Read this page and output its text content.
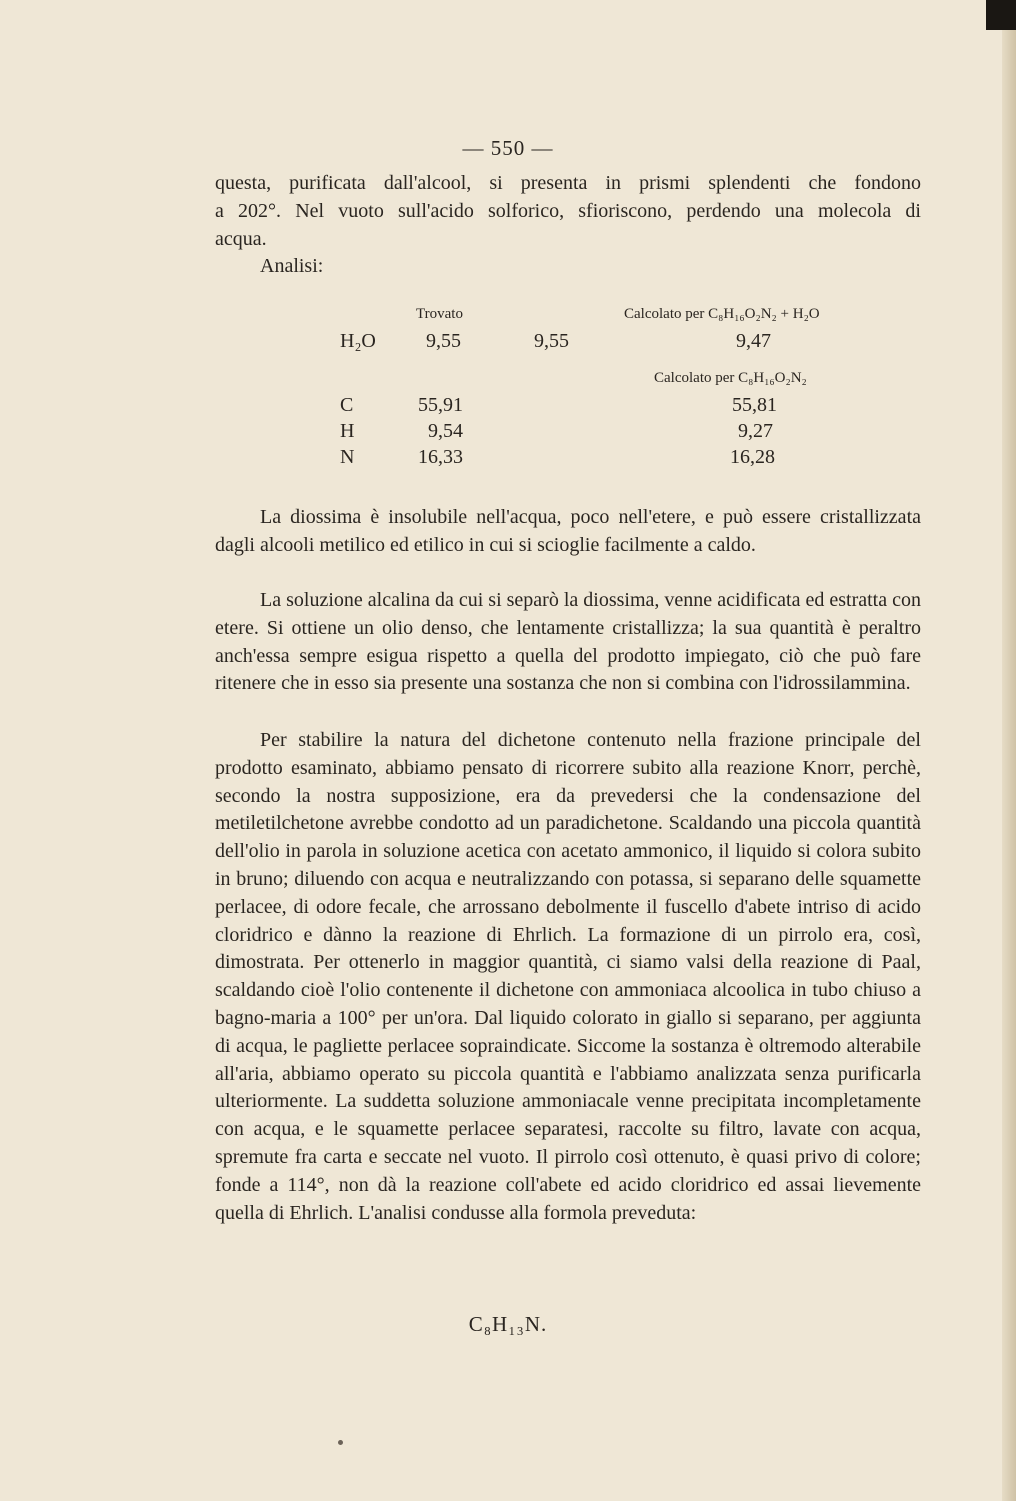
— 550 —
questa, purificata dall'alcool, si presenta in prismi splendenti che fondono
a 202°. Nel vuoto sull'acido solforico, sfioriscono, perdendo una molecola di
acqua.
Analisi:
Trovato	Calcolato per C₈H₁₆O₂N₂ + H₂O
H₂O	9,55	9,55	9,47
Calcolato per C₈H₁₆O₂N₂
C	55,91	55,81
H	9,54	9,27
N	16,33	16,28
La diossima è insolubile nell'acqua, poco nell'etere, e può essere cristallizzata dagli alcooli metilico ed etilico in cui si scioglie facilmente a caldo.
La soluzione alcalina da cui si separò la diossima, venne acidificata ed estratta con etere. Si ottiene un olio denso, che lentamente cristallizza; la sua quantità è peraltro anch'essa sempre esigua rispetto a quella del prodotto impiegato, ciò che può fare ritenere che in esso sia presente una sostanza che non si combina con l'idrossilammina.
Per stabilire la natura del dichetone contenuto nella frazione principale del prodotto esaminato, abbiamo pensato di ricorrere subito alla reazione Knorr, perchè, secondo la nostra supposizione, era da prevedersi che la condensazione del metiletilchetone avrebbe condotto ad un paradichetone. Scaldando una piccola quantità dell'olio in parola in soluzione acetica con acetato ammonico, il liquido si colora subito in bruno; diluendo con acqua e neutralizzando con potassa, si separano delle squamette perlacee, di odore fecale, che arrossano debolmente il fuscello d'abete intriso di acido cloridrico e dànno la reazione di Ehrlich. La formazione di un pirrolo era, così, dimostrata. Per ottenerlo in maggior quantità, ci siamo valsi della reazione di Paal, scaldando cioè l'olio contenente il dichetone con ammoniaca alcoolica in tubo chiuso a bagno-maria a 100° per un'ora. Dal liquido colorato in giallo si separano, per aggiunta di acqua, le pagliette perlacee sopraindicate. Siccome la sostanza è oltremodo alterabile all'aria, abbiamo operato su piccola quantità e l'abbiamo analizzata senza purificarla ulteriormente. La suddetta soluzione ammoniacale venne precipitata incompletamente con acqua, e le squamette perlacee separatesi, raccolte su filtro, lavate con acqua, spremute fra carta e seccate nel vuoto. Il pirrolo così ottenuto, è quasi privo di colore; fonde a 114°, non dà la reazione coll'abete ed acido cloridrico ed assai lievemente quella di Ehrlich. L'analisi condusse alla formola preveduta:
C₈H₁₃N.
